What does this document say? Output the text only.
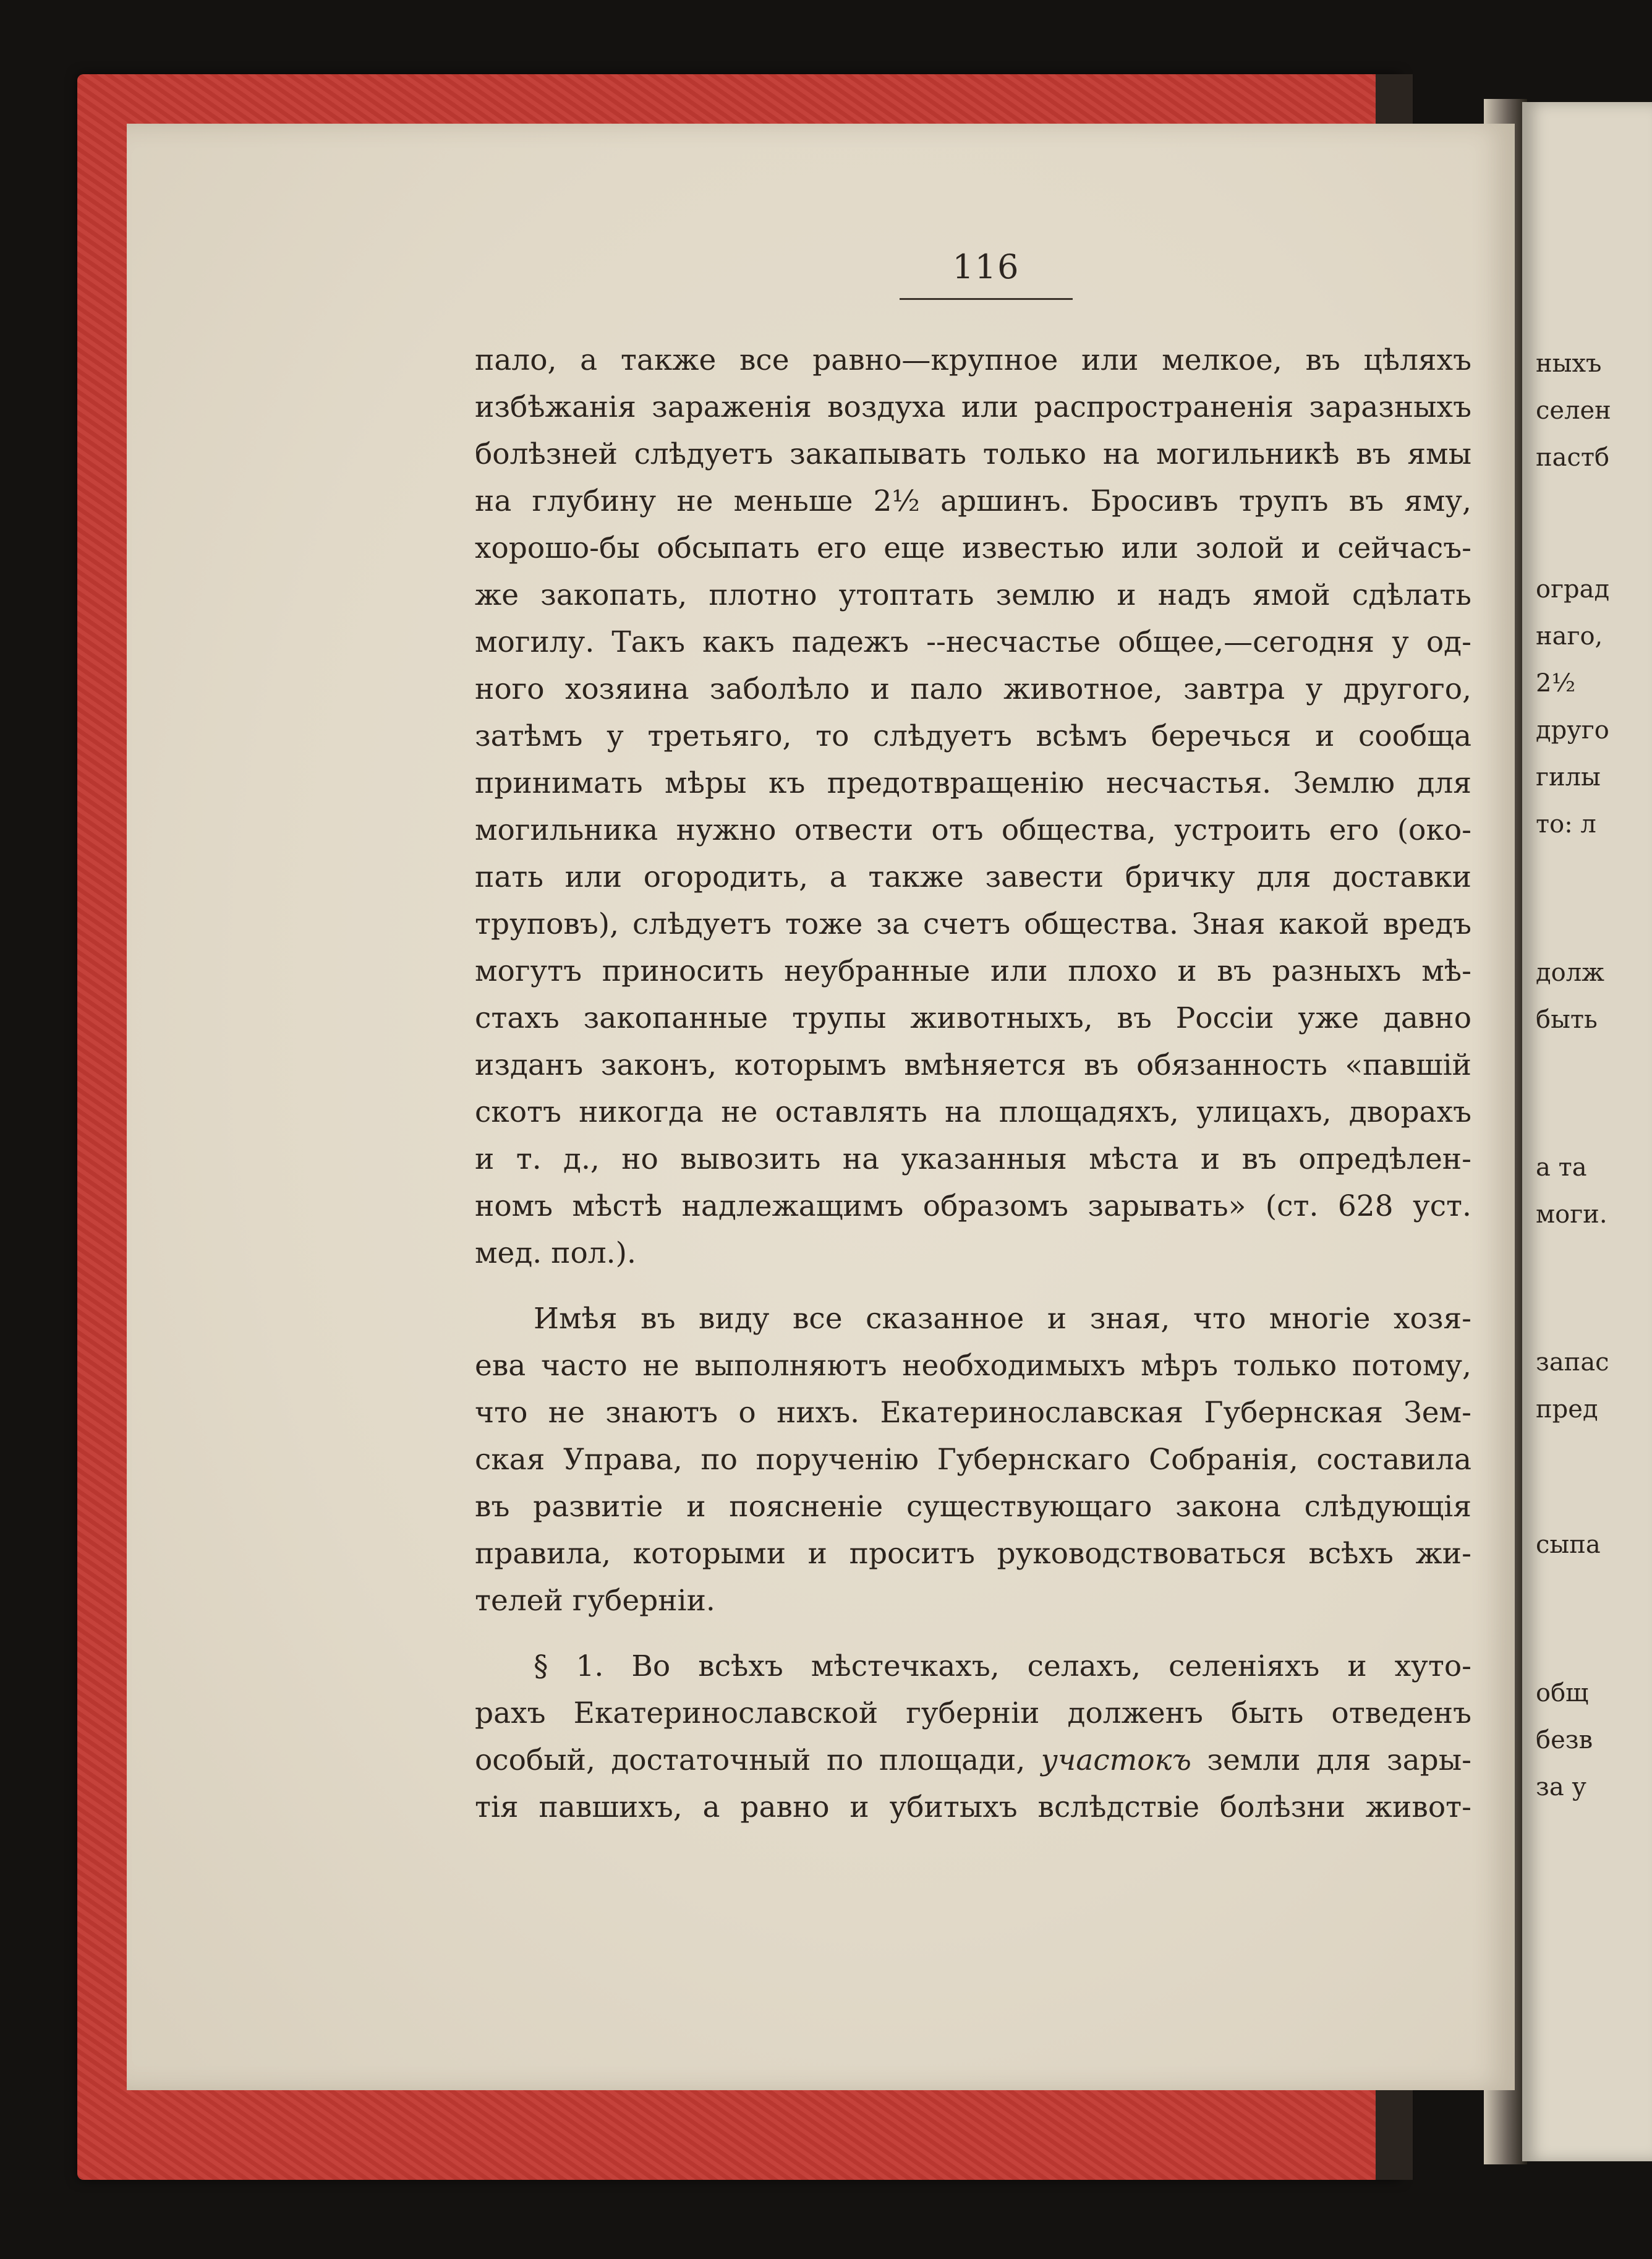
116
пало, а также все равно—крупное или мелкое, въ цѣляхъ
избѣжанія зараженія воздуха или распространенія заразныхъ
болѣзней слѣдуетъ закапывать только на могильникѣ въ ямы
на глубину не меньше 2½ аршинъ. Бросивъ трупъ въ яму,
хорошо-бы обсыпать его еще известью или золой и сейчасъ-
же закопать, плотно утоптать землю и надъ ямой сдѣлать
могилу. Такъ какъ падежъ --несчастье общее,—сегодня у од-
ного хозяина заболѣло и пало животное, завтра у другого,
затѣмъ у третьяго, то слѣдуетъ всѣмъ беречься и сообща
принимать мѣры къ предотвращенію несчастья. Землю для
могильника нужно отвести отъ общества, устроить его (око-
пать или огородить, а также завести бричку для доставки
труповъ), слѣдуетъ тоже за счетъ общества. Зная какой вредъ
могутъ приносить неубранные или плохо и въ разныхъ мѣ-
стахъ закопанные трупы животныхъ, въ Россіи уже давно
изданъ законъ, которымъ вмѣняется въ обязанность «павшій
скотъ никогда не оставлять на площадяхъ, улицахъ, дворахъ
и т. д., но вывозить на указанныя мѣста и въ опредѣлен-
номъ мѣстѣ надлежащимъ образомъ зарывать» (ст. 628 уст.
мед. пол.).
Имѣя въ виду все сказанное и зная, что многіе хозя-
ева часто не выполняютъ необходимыхъ мѣръ только потому,
что не знаютъ о нихъ. Екатеринославская Губернская Зем-
ская Управа, по порученію Губернскаго Собранія, составила
въ развитіе и поясненіе существующаго закона слѣдующія
правила, которыми и проситъ руководствоваться всѣхъ жи-
телей губерніи.
§ 1. Во всѣхъ мѣстечкахъ, селахъ, селеніяхъ и хуто-
рахъ Екатеринославской губерніи долженъ быть отведенъ
особый, достаточный по площади, участокъ земли для зары-
тія павшихъ, а равно и убитыхъ вслѣдствіе болѣзни живот-
ныхъ
селен
пастб
оград
наго,
2½
друго
гилы
то: л
долж
быть
а та
моги.
запас
пред
сыпа
общ
безв
за у
